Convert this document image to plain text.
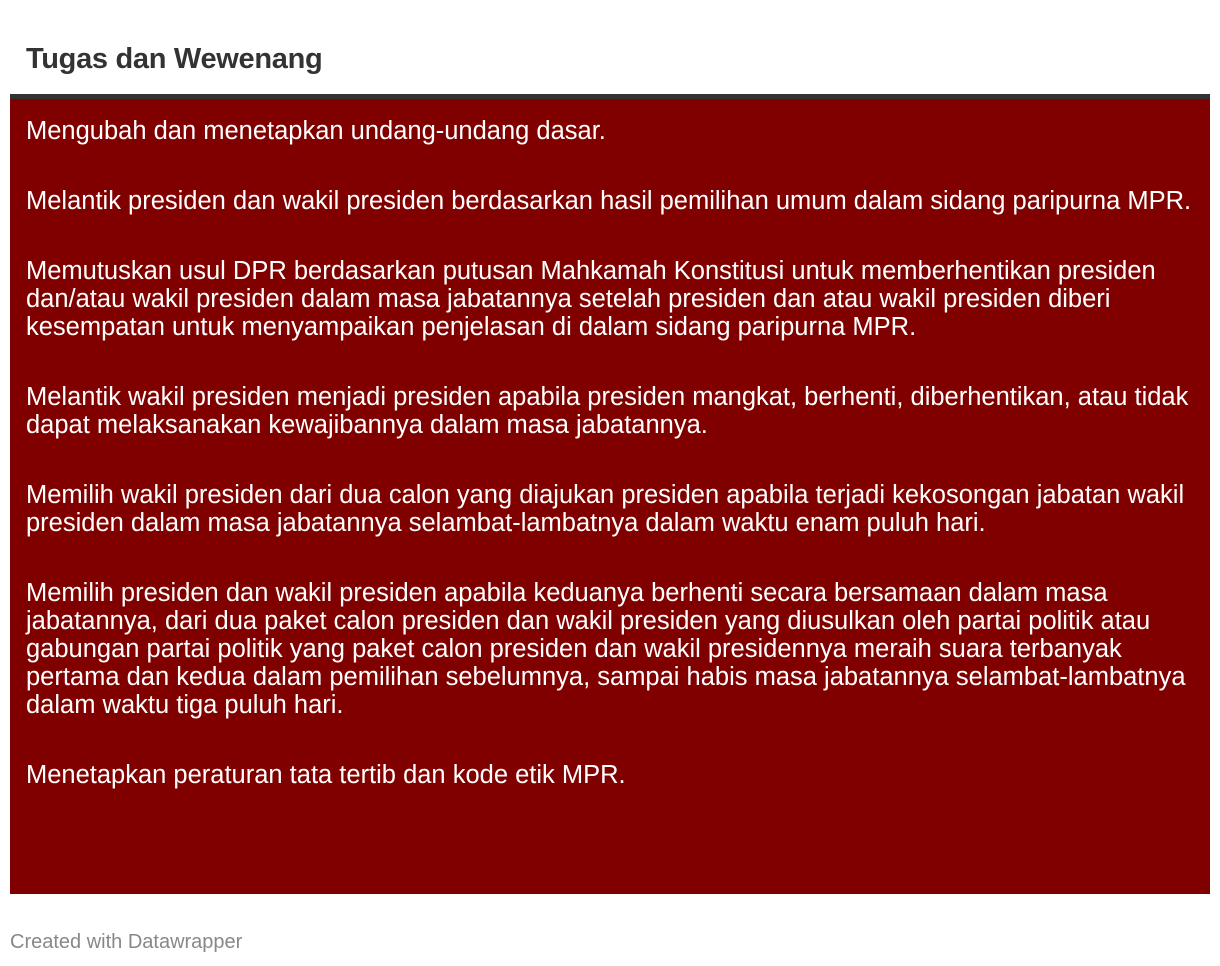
Tugas dan Wewenang
Mengubah dan menetapkan undang-undang dasar.
Melantik presiden dan wakil presiden berdasarkan hasil pemilihan umum dalam sidang paripurna MPR.
Memutuskan usul DPR berdasarkan putusan Mahkamah Konstitusi untuk memberhentikan presiden dan/atau wakil presiden dalam masa jabatannya setelah presiden dan atau wakil presiden diberi kesempatan untuk menyampaikan penjelasan di dalam sidang paripurna MPR.
Melantik wakil presiden menjadi presiden apabila presiden mangkat, berhenti, diberhentikan, atau tidak dapat melaksanakan kewajibannya dalam masa jabatannya.
Memilih wakil presiden dari dua calon yang diajukan presiden apabila terjadi kekosongan jabatan wakil presiden dalam masa jabatannya selambat-lambatnya dalam waktu enam puluh hari.
Memilih presiden dan wakil presiden apabila keduanya berhenti secara bersamaan dalam masa jabatannya, dari dua paket calon presiden dan wakil presiden yang diusulkan oleh partai politik atau gabungan partai politik yang paket calon presiden dan wakil presidennya meraih suara terbanyak pertama dan kedua dalam pemilihan sebelumnya, sampai habis masa jabatannya selambat-lambatnya dalam waktu tiga puluh hari.
Menetapkan peraturan tata tertib dan kode etik MPR.
Created with Datawrapper
